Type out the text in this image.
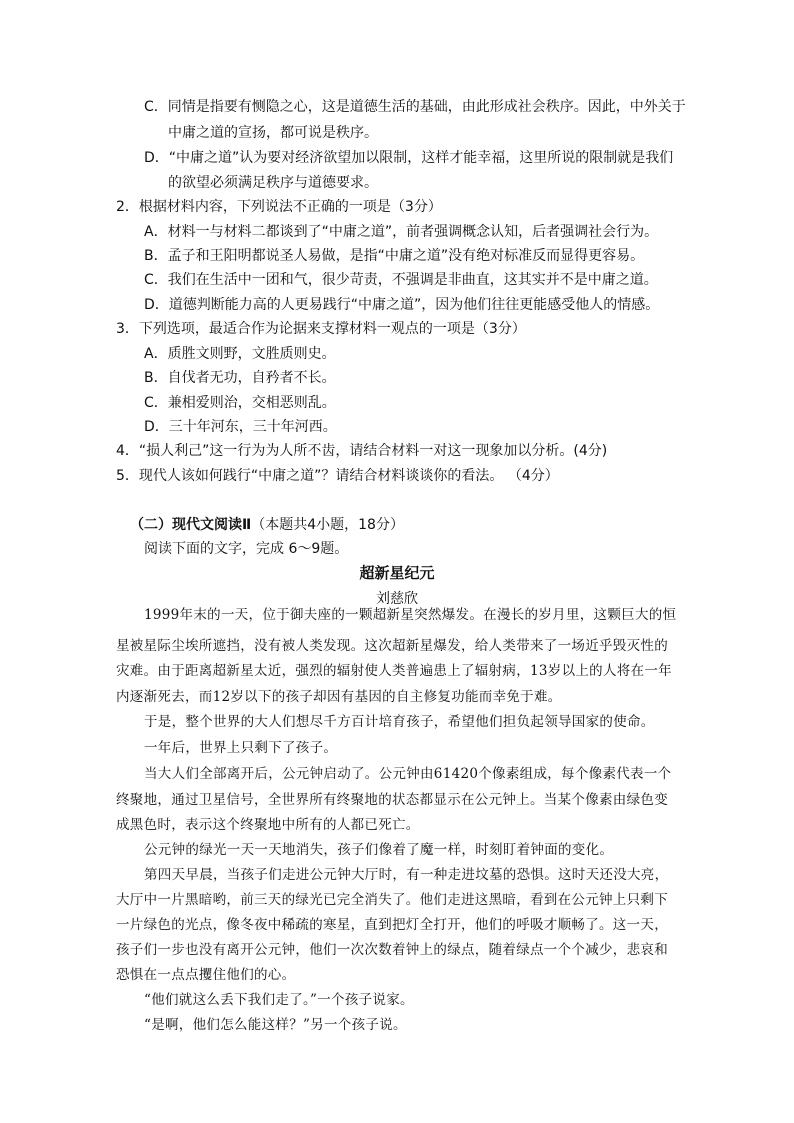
C．同情是指要有恻隐之心，这是道德生活的基础，由此形成社会秩序。因此，中外关于
中庸之道的宣扬，都可说是秩序。
D．“中庸之道”认为要对经济欲望加以限制，这样才能幸福，这里所说的限制就是我们
的欲望必须满足秩序与道德要求。
2．根据材料内容，下列说法不正确的一项是（3分）
A．材料一与材料二都谈到了“中庸之道”，前者强调概念认知，后者强调社会行为。
B．孟子和王阳明都说圣人易做，是指“中庸之道”没有绝对标准反而显得更容易。
C．我们在生活中一团和气，很少苛责，不强调是非曲直，这其实并不是中庸之道。
D．道德判断能力高的人更易践行“中庸之道”，因为他们往往更能感受他人的情感。
3．下列选项，最适合作为论据来支撑材料一观点的一项是（3分）
A．质胜文则野，文胜质则史。
B．自伐者无功，自矜者不长。
C．兼相爱则治，交相恶则乱。
D．三十年河东，三十年河西。
4．“损人利己”这一行为为人所不齿，请结合材料一对这一现象加以分析。(4分)
5．现代人该如何践行“中庸之道”？请结合材料谈谈你的看法。 （4分）
（二）现代文阅读Ⅱ（本题共4小题，18分）
阅读下面的文字，完成 6～9题。
超新星纪元
刘慈欣
1999年末的一天，位于御夫座的一颗超新星突然爆发。在漫长的岁月里，这颗巨大的恒
星被星际尘埃所遮挡，没有被人类发现。这次超新星爆发，给人类带来了一场近乎毁灭性的
灾难。由于距离超新星太近，强烈的辐射使人类普遍患上了辐射病，13岁以上的人将在一年
内逐渐死去，而12岁以下的孩子却因有基因的自主修复功能而幸免于难。
于是，整个世界的大人们想尽千方百计培育孩子，希望他们担负起领导国家的使命。
一年后，世界上只剩下了孩子。
当大人们全部离开后，公元钟启动了。公元钟由61420个像素组成，每个像素代表一个
终聚地，通过卫星信号，全世界所有终聚地的状态都显示在公元钟上。当某个像素由绿色变
成黑色时，表示这个终聚地中所有的人都已死亡。
公元钟的绿光一天一天地消失，孩子们像着了魔一样，时刻盯着钟面的变化。
第四天早晨，当孩子们走进公元钟大厅时，有一种走进坟墓的恐惧。这时天还没大亮，
大厅中一片黑暗哟，前三天的绿光已完全消失了。他们走进这黑暗，看到在公元钟上只剩下
一片绿色的光点，像冬夜中稀疏的寒星，直到把灯全打开，他们的呼吸才顺畅了。这一天，
孩子们一步也没有离开公元钟，他们一次次数着钟上的绿点，随着绿点一个个减少，悲哀和
恐惧在一点点攫住他们的心。
“他们就这么丢下我们走了。”一个孩子说家。
“是啊，他们怎么能这样？”另一个孩子说。
